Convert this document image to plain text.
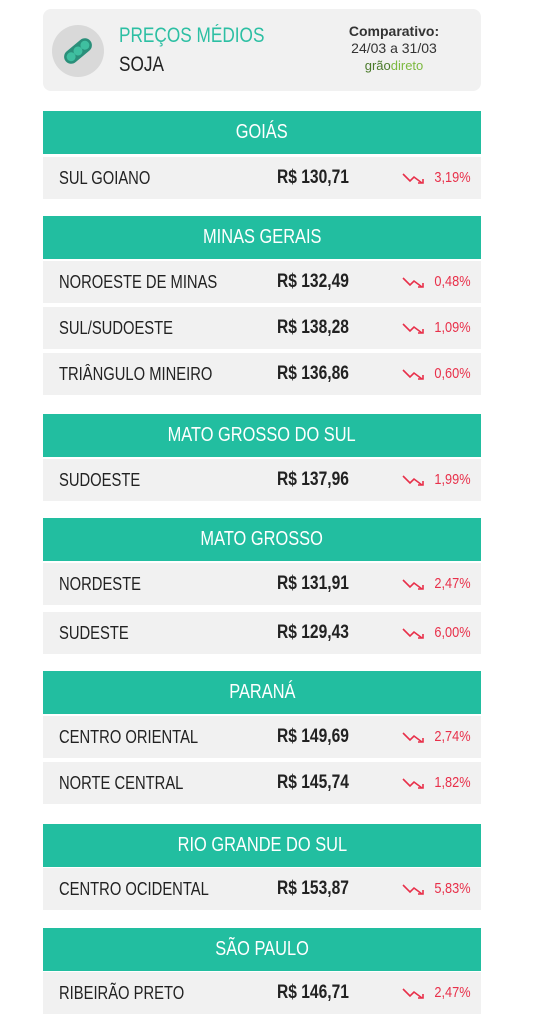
PREÇOS MÉDIOS
SOJA
Comparativo:
24/03 a 31/03
grãodireto
GOIÁS
SUL GOIANO	R$ 130,71	3,19%
MINAS GERAIS
NOROESTE DE MINAS	R$ 132,49	0,48%
SUL/SUDOESTE	R$ 138,28	1,09%
TRIÂNGULO MINEIRO	R$ 136,86	0,60%
MATO GROSSO DO SUL
SUDOESTE	R$ 137,96	1,99%
MATO GROSSO
NORDESTE	R$ 131,91	2,47%
SUDESTE	R$ 129,43	6,00%
PARANÁ
CENTRO ORIENTAL	R$ 149,69	2,74%
NORTE CENTRAL	R$ 145,74	1,82%
RIO GRANDE DO SUL
CENTRO OCIDENTAL	R$ 153,87	5,83%
SÃO PAULO
RIBEIRÃO PRETO	R$ 146,71	2,47%
